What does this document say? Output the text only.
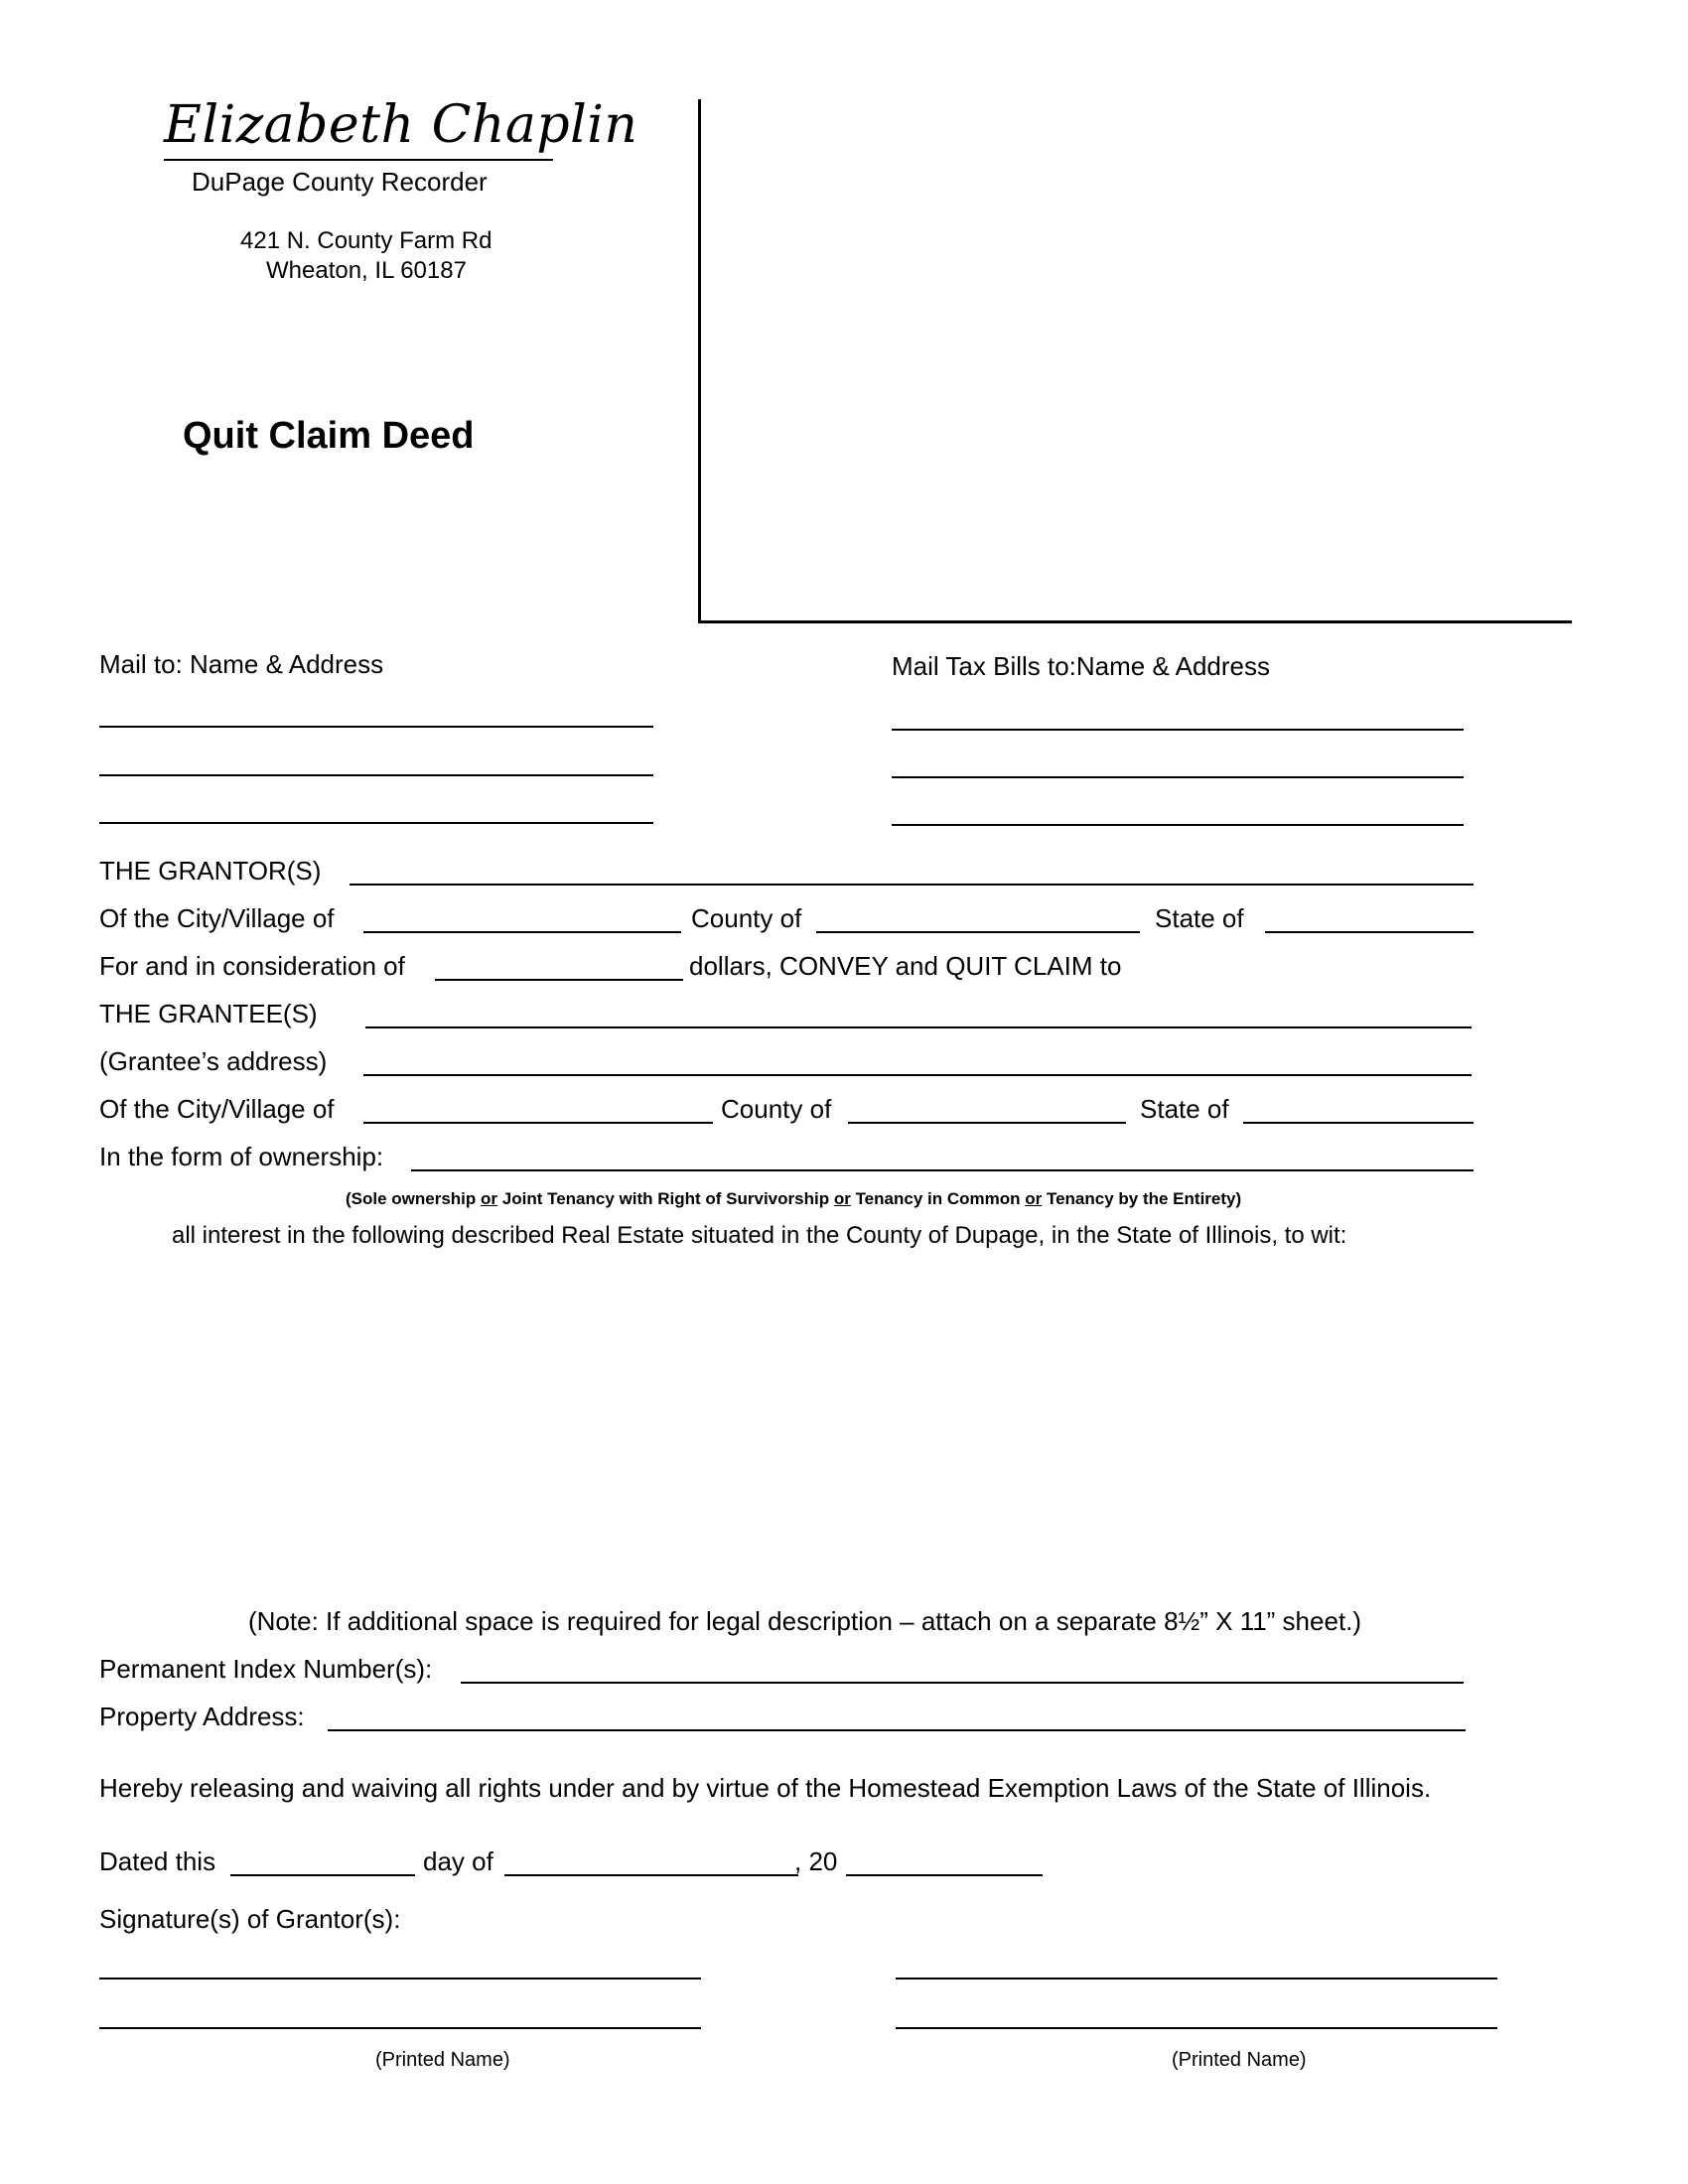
Elizabeth Chaplin
DuPage County Recorder
421 N. County Farm Rd
Wheaton, IL 60187
Quit Claim Deed
Mail to: Name & Address	Mail Tax Bills to:Name & Address
THE GRANTOR(S)
Of the City/Village of	County of	State of
For and in consideration of	dollars, CONVEY and QUIT CLAIM to
THE GRANTEE(S)
(Grantee’s address)
Of the City/Village of	County of	State of
In the form of ownership:
(Sole ownership or Joint Tenancy with Right of Survivorship or Tenancy in Common or Tenancy by the Entirety)
all interest in the following described Real Estate situated in the County of Dupage, in the State of Illinois, to wit:
(Note: If additional space is required for legal description – attach on a separate 8½” X 11” sheet.)
Permanent Index Number(s):
Property Address:
Hereby releasing and waiving all rights under and by virtue of the Homestead Exemption Laws of the State of Illinois.
Dated this	day of	, 20
Signature(s) of Grantor(s):
(Printed Name)	(Printed Name)
